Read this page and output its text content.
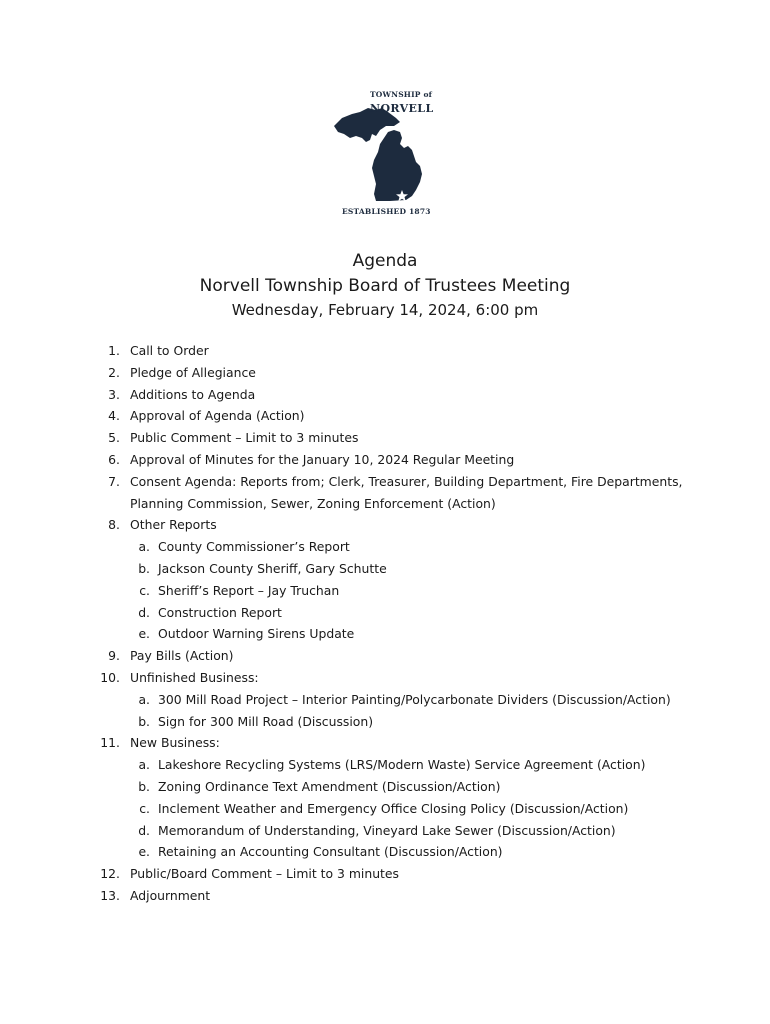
TOWNSHIP of
NORVELL
ESTABLISHED 1873
Agenda
Norvell Township Board of Trustees Meeting
Wednesday, February 14, 2024, 6:00 pm
1. Call to Order
2. Pledge of Allegiance
3. Additions to Agenda
4. Approval of Agenda (Action)
5. Public Comment – Limit to 3 minutes
6. Approval of Minutes for the January 10, 2024 Regular Meeting
7. Consent Agenda: Reports from; Clerk, Treasurer, Building Department, Fire Departments,
Planning Commission, Sewer, Zoning Enforcement (Action)
8. Other Reports
a. County Commissioner’s Report
b. Jackson County Sheriff, Gary Schutte
c. Sheriff’s Report – Jay Truchan
d. Construction Report
e. Outdoor Warning Sirens Update
9. Pay Bills (Action)
10. Unfinished Business:
a. 300 Mill Road Project – Interior Painting/Polycarbonate Dividers (Discussion/Action)
b. Sign for 300 Mill Road (Discussion)
11. New Business:
a. Lakeshore Recycling Systems (LRS/Modern Waste) Service Agreement (Action)
b. Zoning Ordinance Text Amendment (Discussion/Action)
c. Inclement Weather and Emergency Office Closing Policy (Discussion/Action)
d. Memorandum of Understanding, Vineyard Lake Sewer (Discussion/Action)
e. Retaining an Accounting Consultant (Discussion/Action)
12. Public/Board Comment – Limit to 3 minutes
13. Adjournment
